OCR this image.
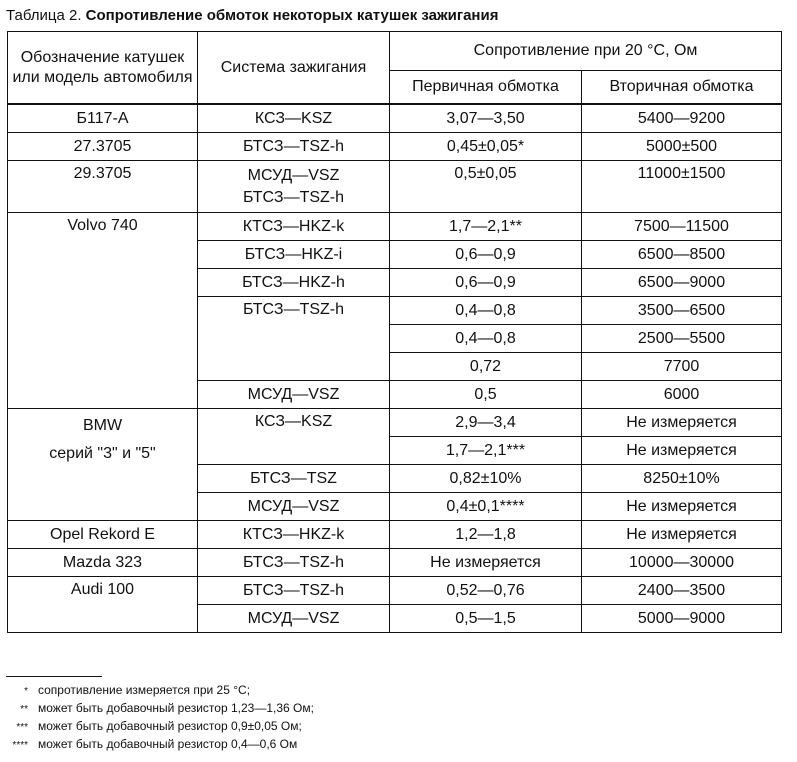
Таблица 2. Сопротивление обмоток некоторых катушек зажигания
Обозначение катушек или модель автомобиля	Система зажигания	Сопротивление при 20 °С, Ом	
		Первичная обмотка	Вторичная обмотка
Б117-А	КСЗ—KSZ	3,07—3,50	5400—9200
27.3705	БТСЗ—TSZ-h	0,45±0,05*	5000±500
29.3705	МСУД—VSZ
БТСЗ—TSZ-h	0,5±0,05	11000±1500
Volvo 740	КТСЗ—HKZ-k	1,7—2,1**	7500—11500
	БТСЗ—HKZ-i	0,6—0,9	6500—8500
	БТСЗ—HKZ-h	0,6—0,9	6500—9000
	БТСЗ—TSZ-h	0,4—0,8	3500—6500
		0,4—0,8	2500—5500
		0,72	7700
	МСУД—VSZ	0,5	6000

BMW
серий "3" и "5"	КСЗ—KSZ	2,9—3,4	Не измеряется
		1,7—2,1***	Не измеряется
	БТСЗ—TSZ	0,82±10%	8250±10%
	МСУД—VSZ	0,4±0,1****	Не измеряется
Opel Rekord E	КТСЗ—HKZ-k	1,2—1,8	Не измеряется
Mazda 323	БТСЗ—TSZ-h	Не измеряется	10000—30000
Audi 100	БТСЗ—TSZ-h	0,52—0,76	2400—3500
	МСУД—VSZ	0,5—1,5	5000—9000
* сопротивление измеряется при 25 °С;
** может быть добавочный резистор 1,23—1,36 Ом;
*** может быть добавочный резистор 0,9±0,05 Ом;
**** может быть добавочный резистор 0,4—0,6 Ом
